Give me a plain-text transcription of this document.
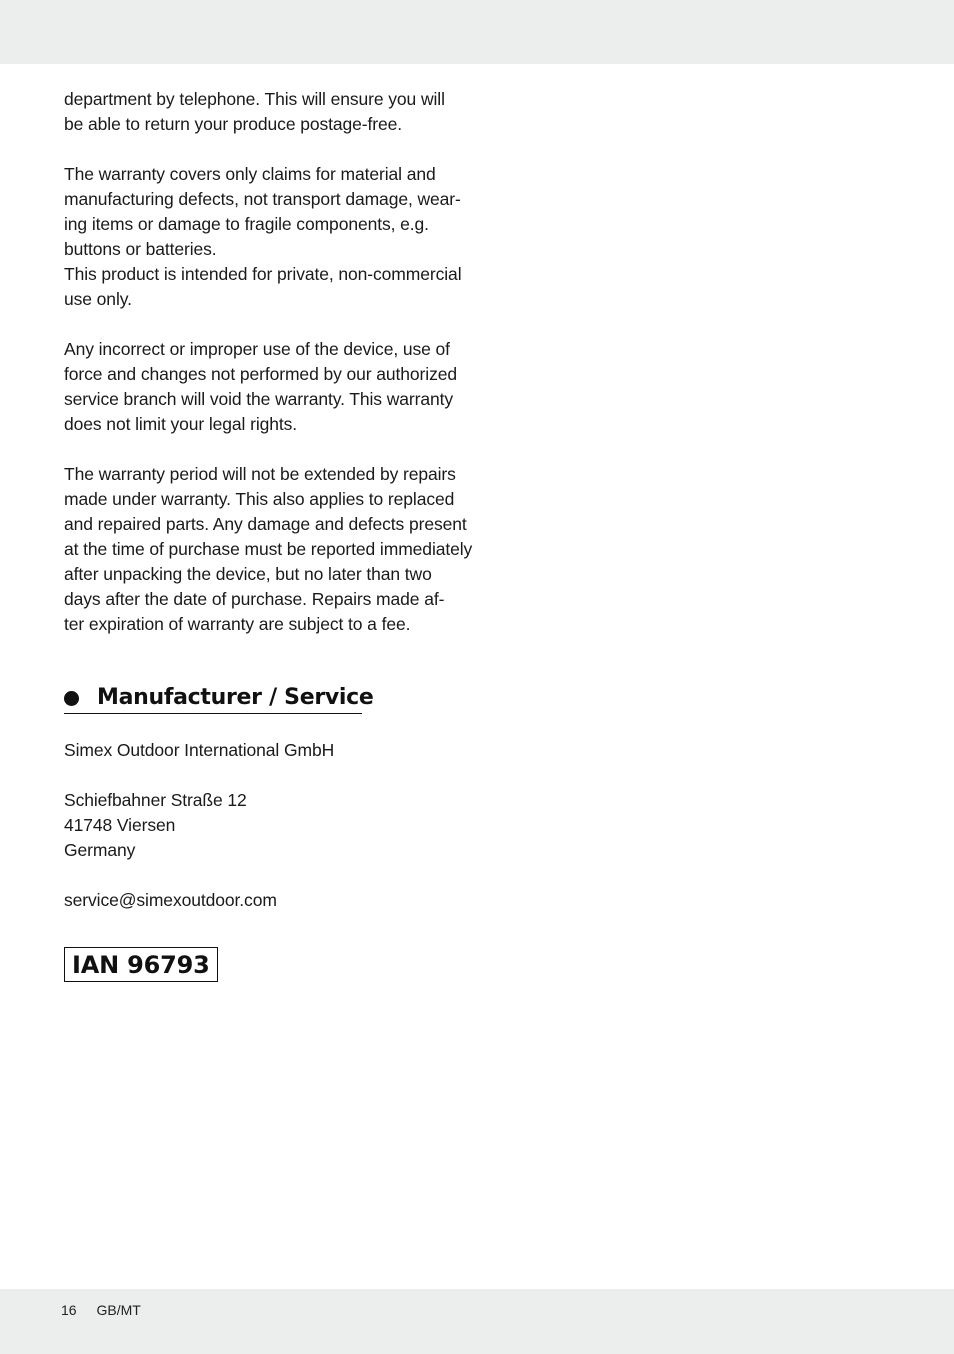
department by telephone. This will ensure you will
be able to return your produce postage-free.

The warranty covers only claims for material and
manufacturing defects, not transport damage, wear-
ing items or damage to fragile components, e.g.
buttons or batteries.
This product is intended for private, non-commercial
use only.

Any incorrect or improper use of the device, use of
force and changes not performed by our authorized
service branch will void the warranty. This warranty
does not limit your legal rights.

The warranty period will not be extended by repairs
made under warranty. This also applies to replaced
and repaired parts. Any damage and defects present
at the time of purchase must be reported immediately
after unpacking the device, but no later than two
days after the date of purchase. Repairs made af-
ter expiration of warranty are subject to a fee.

Manufacturer / Service
Simex Outdoor International GmbH
Schiefbahner Straße 12
41748 Viersen
Germany
service@simexoutdoor.com
IAN 96793
16 GB/MT
